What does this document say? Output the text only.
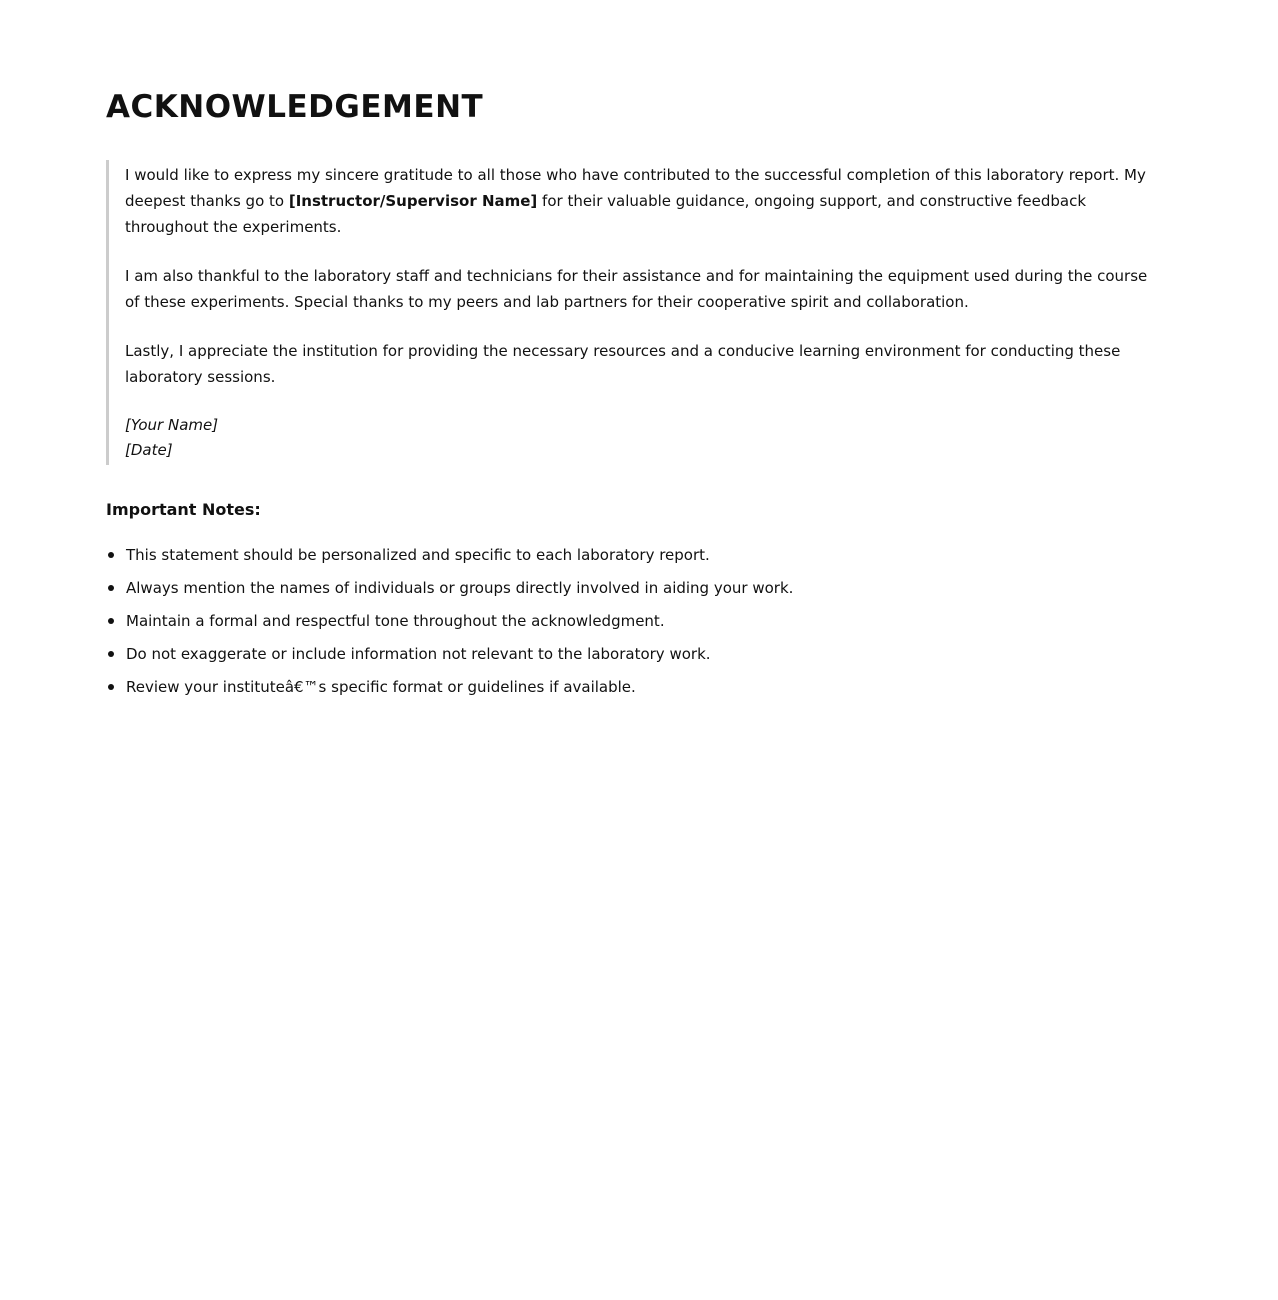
ACKNOWLEDGEMENT

I would like to express my sincere gratitude to all those who have contributed to the successful completion of this laboratory report. My deepest thanks go to [Instructor/Supervisor Name] for their valuable guidance, ongoing support, and constructive feedback throughout the experiments.

I am also thankful to the laboratory staff and technicians for their assistance and for maintaining the equipment used during the course of these experiments. Special thanks to my peers and lab partners for their cooperative spirit and collaboration.

Lastly, I appreciate the institution for providing the necessary resources and a conducive learning environment for conducting these laboratory sessions.

[Your Name]
[Date]

Important Notes:
This statement should be personalized and specific to each laboratory report.
Always mention the names of individuals or groups directly involved in aiding your work.
Maintain a formal and respectful tone throughout the acknowledgment.
Do not exaggerate or include information not relevant to the laboratory work.
Review your instituteâ€™s specific format or guidelines if available.
